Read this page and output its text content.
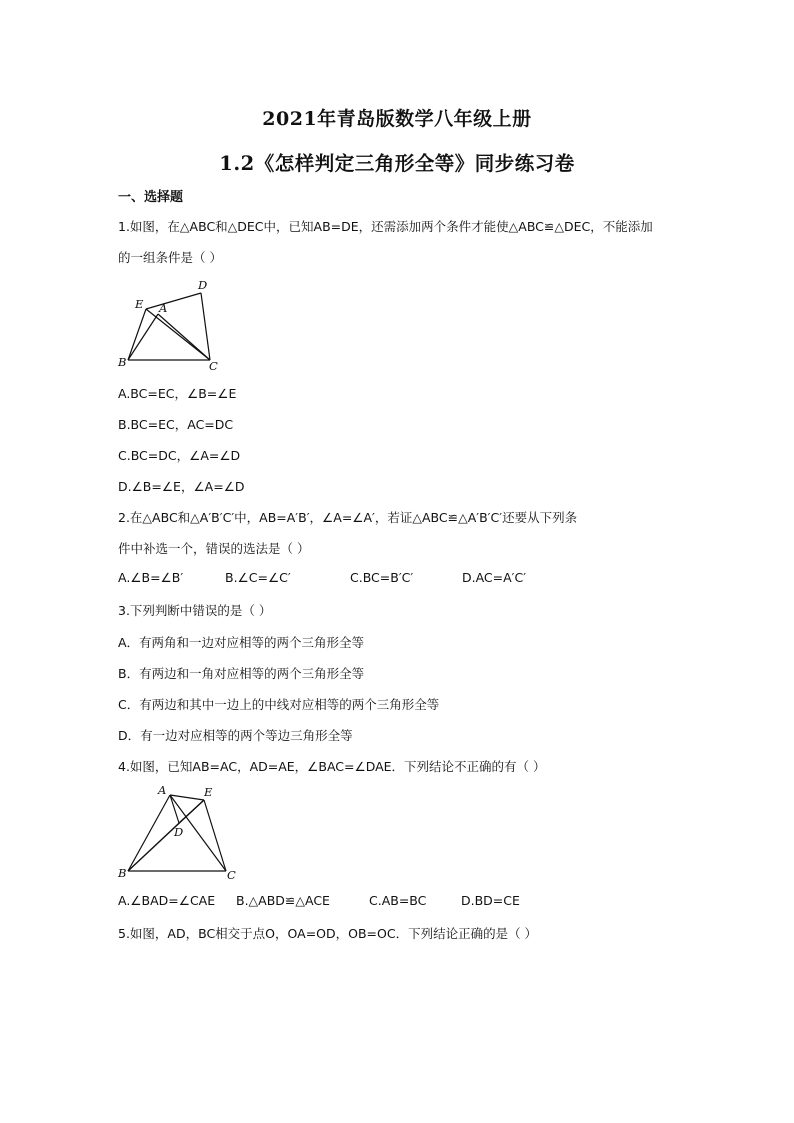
2021年青岛版数学八年级上册
1.2《怎样判定三角形全等》同步练习卷
一、选择题
1.如图，在△ABC和△DEC中，已知AB=DE，还需添加两个条件才能使△ABC≌△DEC，不能添加
的一组条件是（ ）
E A
D
B	C
A.BC=EC，∠B=∠E
B.BC=EC，AC=DC
C.BC=DC，∠A=∠D
D.∠B=∠E，∠A=∠D
2.在△ABC和△A′B′C′中，AB=A′B′，∠A=∠A′，若证△ABC≌△A′B′C′还要从下列条
件中补选一个，错误的选法是（ ）
A.∠B=∠B′	B.∠C=∠C′	C.BC=B′C′	D.AC=A′C′
3.下列判断中错误的是（ ）
A．有两角和一边对应相等的两个三角形全等
B．有两边和一角对应相等的两个三角形全等
C．有两边和其中一边上的中线对应相等的两个三角形全等
D．有一边对应相等的两个等边三角形全等
4.如图，已知AB=AC，AD=AE，∠BAC=∠DAE．下列结论不正确的有（ ）
A	E
D
B	C
A.∠BAD=∠CAE B.△ABD≌△ACE	C.AB=BC	D.BD=CE
5.如图，AD，BC相交于点O，OA=OD，OB=OC．下列结论正确的是（ ）
